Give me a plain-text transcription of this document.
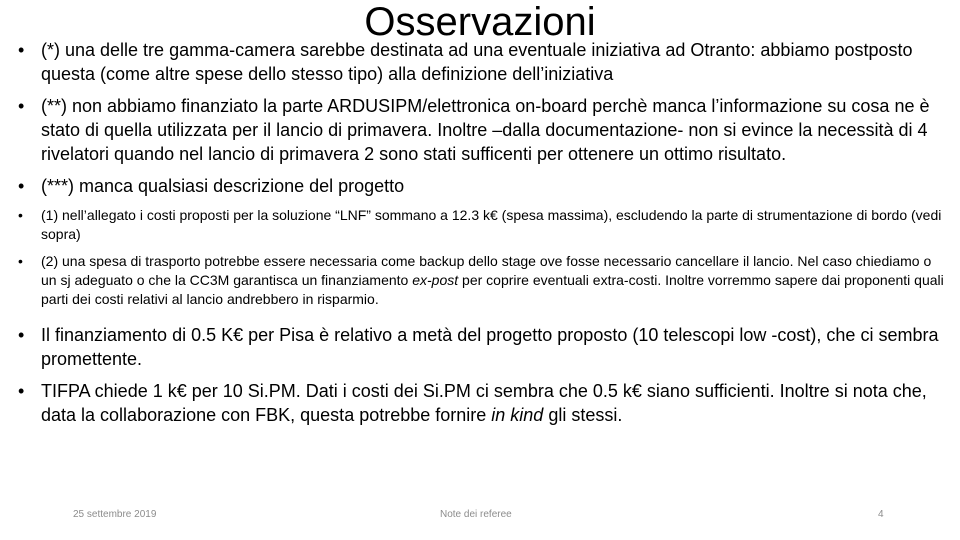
Osservazioni

• (*) una delle tre gamma-camera sarebbe destinata ad una eventuale iniziativa ad Otranto: abbiamo postposto questa (come altre spese dello stesso tipo) alla definizione dell’iniziativa

• (**) non abbiamo finanziato la parte ARDUSIPM/elettronica on-board perchè manca l’informazione su cosa ne è stato di quella utilizzata per il lancio di primavera. Inoltre –dalla documentazione- non si evince la necessità di 4 rivelatori quando nel lancio di primavera 2 sono stati sufficenti per ottenere un ottimo risultato.

• (***) manca qualsiasi descrizione del progetto

• (1) nell’allegato i costi proposti per la soluzione “LNF” sommano a 12.3 k€ (spesa massima), escludendo la parte di strumentazione di bordo (vedi sopra)

• (2) una spesa di trasporto potrebbe essere necessaria come backup dello stage ove fosse necessario cancellare il lancio. Nel caso chiediamo o un sj adeguato o che la CC3M garantisca un finanziamento ex-post per coprire eventuali extra-costi. Inoltre vorremmo sapere dai proponenti quali parti dei costi relativi al lancio andrebbero in risparmio.

• Il finanziamento di 0.5 K€ per Pisa è relativo a metà del progetto proposto (10 telescopi low -cost), che ci sembra promettente.

• TIFPA chiede 1 k€ per 10 Si.PM. Dati i costi dei Si.PM ci sembra che 0.5 k€ siano sufficienti. Inoltre si nota che, data la collaborazione con FBK, questa potrebbe fornire in kind gli stessi.

25 settembre 2019	Note dei referee	4
